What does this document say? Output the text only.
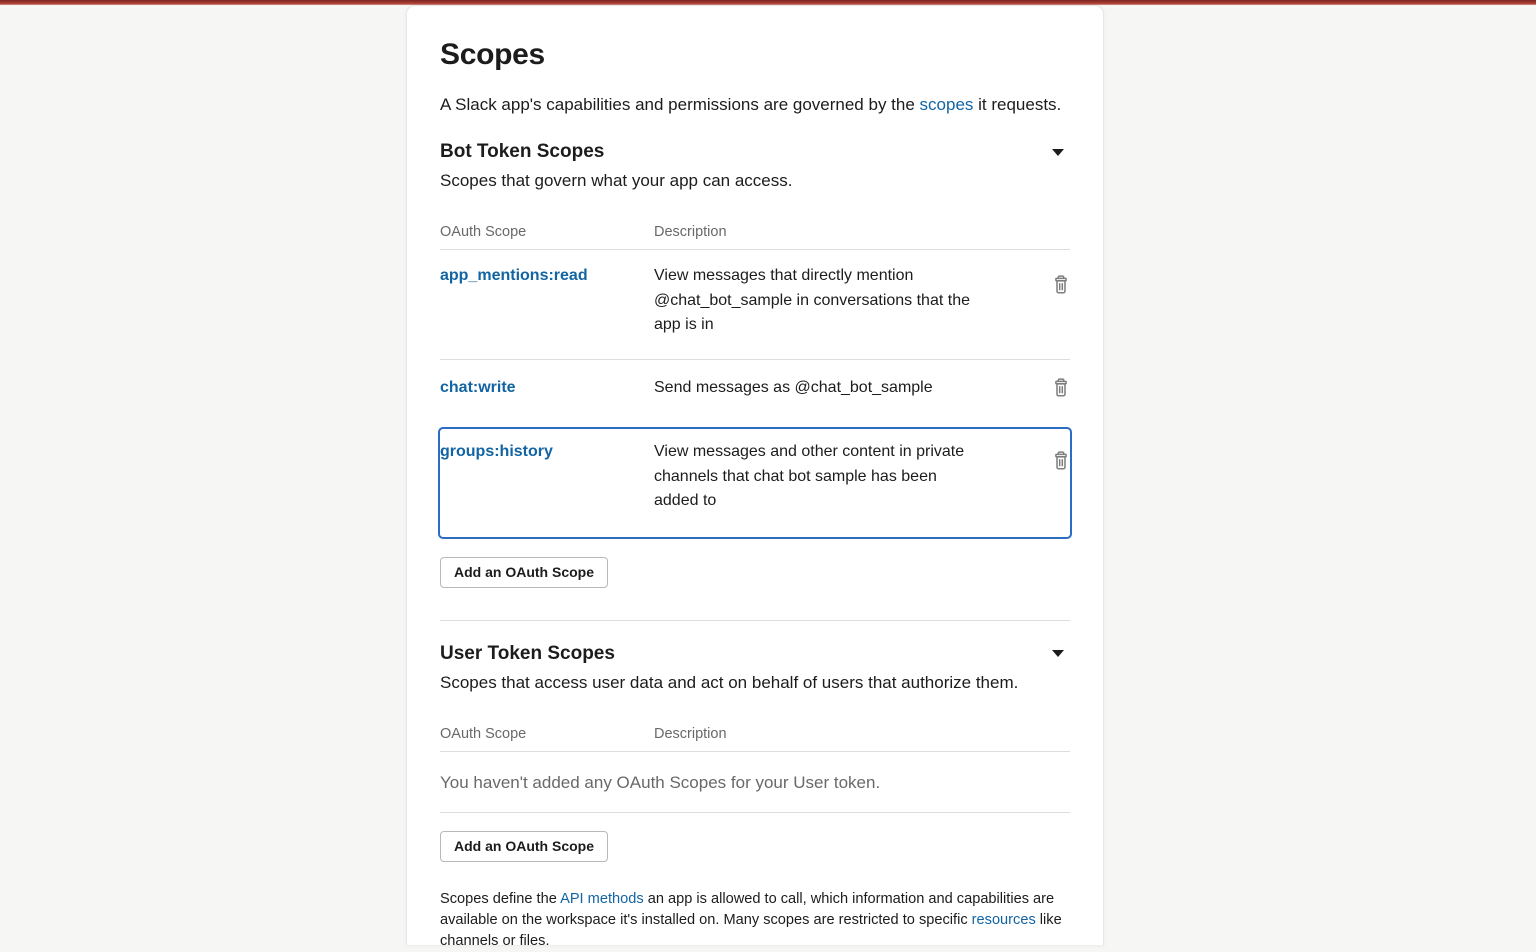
Scopes

A Slack app's capabilities and permissions are governed by the scopes it requests.

Bot Token Scopes

Scopes that govern what your app can access.

OAuth Scope	Description
app_mentions:read	View messages that directly mention @chat_bot_sample in conversations that the app is in
chat:write	Send messages as @chat_bot_sample
groups:history	View messages and other content in private channels that chat bot sample has been added to
Add an OAuth Scope
User Token Scopes

Scopes that access user data and act on behalf of users that authorize them.

OAuth Scope	Description
You haven't added any OAuth Scopes for your User token.
Add an OAuth Scope

Scopes define the API methods an app is allowed to call, which information and capabilities are available on the workspace it's installed on. Many scopes are restricted to specific resources like channels or files.
